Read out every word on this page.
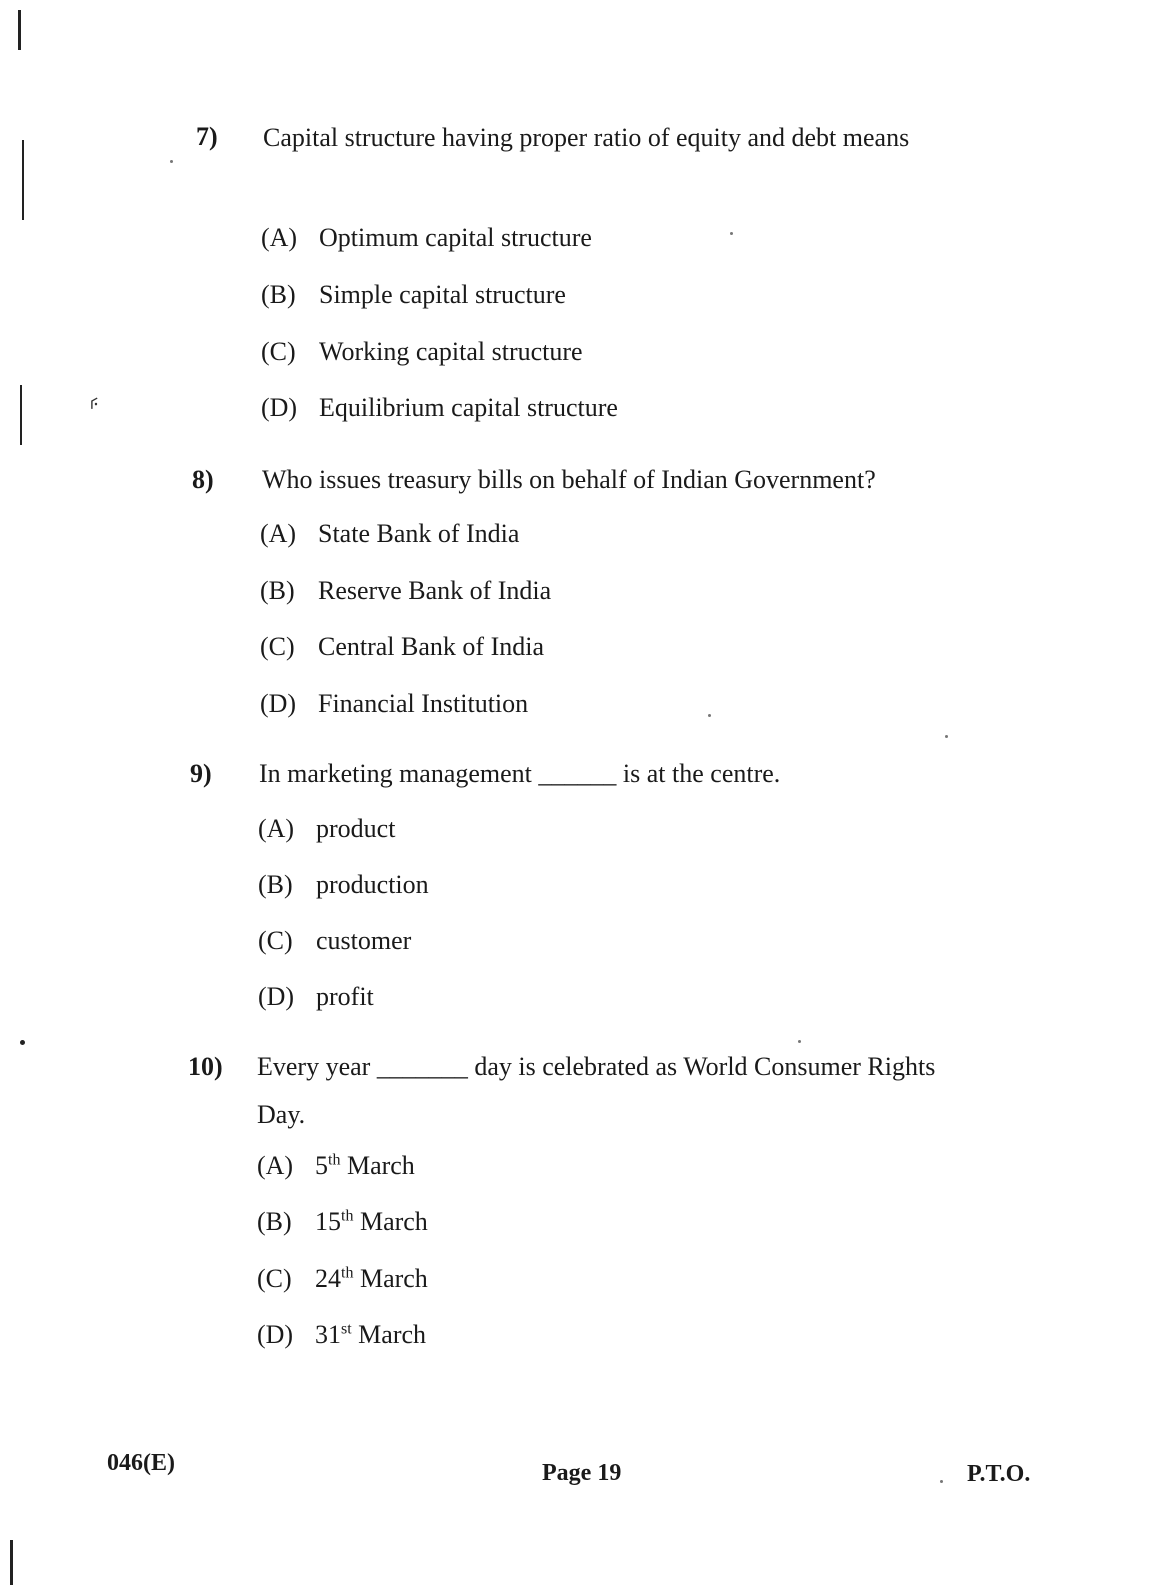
⸄
7) Capital structure having proper ratio of equity and debt means
(A) Optimum capital structure
(B) Simple capital structure
(C) Working capital structure
(D) Equilibrium capital structure
8) Who issues treasury bills on behalf of Indian Government?
(A) State Bank of India
(B) Reserve Bank of India
(C) Central Bank of India
(D) Financial Institution
9) In marketing management ______ is at the centre.
(A) product
(B) production
(C) customer
(D) profit
10) Every year _______ day is celebrated as World Consumer Rights Day.
(A) 5th March
(B) 15th March
(C) 24th March
(D) 31st March
046(E)	Page 19	P.T.O.
